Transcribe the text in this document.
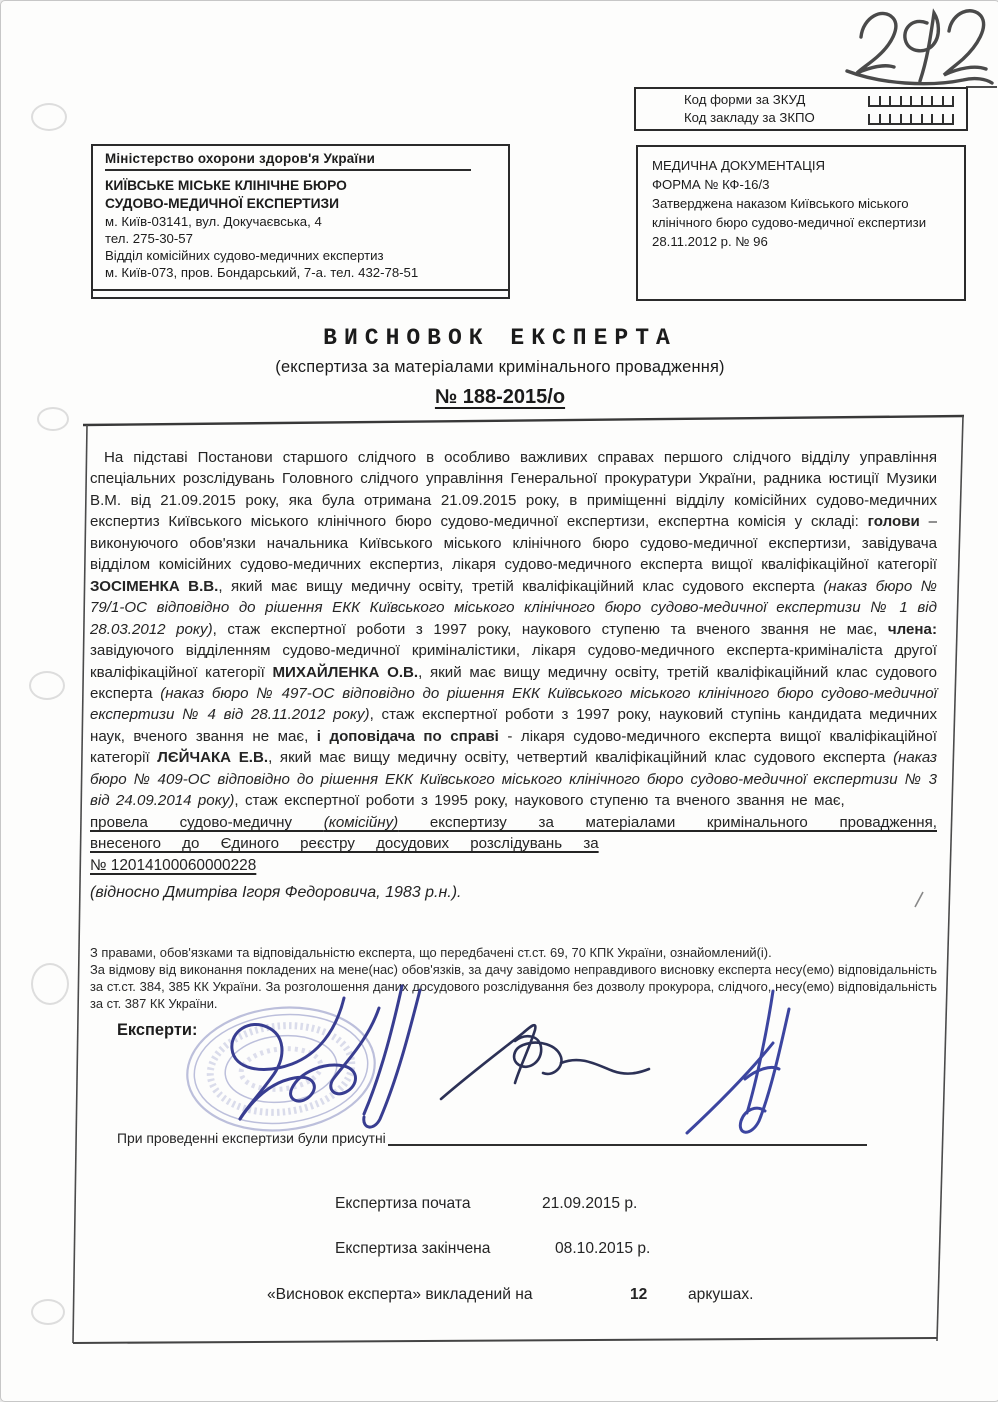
Код форми за ЗКУД
Код закладу за ЗКПО
Міністерство охорони здоров'я України
КИЇВСЬКЕ МІСЬКЕ КЛІНІЧНЕ БЮРО
СУДОВО-МЕДИЧНОЇ ЕКСПЕРТИЗИ
м. Київ-03141, вул. Докучаєвська, 4
тел. 275-30-57
Відділ комісійних судово-медичних експертиз
м. Київ-073, пров. Бондарський, 7-а. тел. 432-78-51
МЕДИЧНА ДОКУМЕНТАЦІЯ
ФОРМА № КФ-16/3
Затверджена наказом Київського міського
клінічного бюро судово-медичної експертизи
28.11.2012 р. № 96
ВИСНОВОК ЕКСПЕРТА
(експертиза за матеріалами кримінального провадження)
№ 188-2015/о

На підставі Постанови старшого слідчого в особливо важливих справах першого слідчого відділу управління спеціальних розслідувань Головного слідчого управління Генеральної прокуратури України, радника юстиції Музики В.М. від 21.09.2015 року, яка була отримана 21.09.2015 року, в приміщенні відділу комісійних судово-медичних експертиз Київського міського клінічного бюро судово-медичної експертизи, експертна комісія у складі: голови – виконуючого обов'язки начальника Київського міського клінічного бюро судово-медичної експертизи, завідувача відділом комісійних судово-медичних експертиз, лікаря судово-медичного експерта вищої кваліфікаційної категорії ЗОСІМЕНКА В.В., який має вищу медичну освіту, третій кваліфікаційний клас судового експерта (наказ бюро № 79/1-ОС відповідно до рішення ЕКК Київського міського клінічного бюро судово-медичної експертизи № 1 від 28.03.2012 року), стаж експертної роботи з 1997 року, наукового ступеню та вченого звання не має, члена: завідуючого відділенням судово-медичної криміналістики, лікаря судово-медичного експерта-криміналіста другої кваліфікаційної категорії МИХАЙЛЕНКА О.В., який має вищу медичну освіту, третій кваліфікаційний клас судового експерта (наказ бюро № 497-ОС відповідно до рішення ЕКК Київського міського клінічного бюро судово-медичної експертизи № 4 від 28.11.2012 року), стаж експертної роботи з 1997 року, науковий ступінь кандидата медичних наук, вченого звання не має, і доповідача по справі - лікаря судово-медичного експерта вищої кваліфікаційної категорії ЛЄЙЧАКА Е.В., який має вищу медичну освіту, четвертий кваліфікаційний клас судового експерта (наказ бюро № 409-ОС відповідно до рішення ЕКК Київського міського клінічного бюро судово-медичної експертизи № 3 від 24.09.2014 року), стаж експертної роботи з 1995 року, наукового ступеню та вченого звання не має,

провела судово-медичну (комісійну) експертизу за матеріалами кримінального провадження, внесеного до Єдиного реєстру досудових розслідувань за
№ 12014100060000228
(відносно Дмитріва Ігоря Федоровича, 1983 р.н.).

З правами, обов'язками та відповідальністю експерта, що передбачені ст.ст. 69, 70 КПК України, ознайомлений(і).

За відмову від виконання покладених на мене(нас) обов'язків, за дачу завідомо неправдивого висновку експерта несу(емо) відповідальність за ст.ст. 384, 385 КК України. За розголошення даних досудового розслідування без дозволу прокурора, слідчого, несу(емо) відповідальність за ст. 387 КК України.

Експерти:
При проведенні експертизи були присутні
Експертиза почата	21.09.2015 р.
Експертиза закінчена	08.10.2015 р.
«Висновок експерта» викладений на	12	аркушах.
